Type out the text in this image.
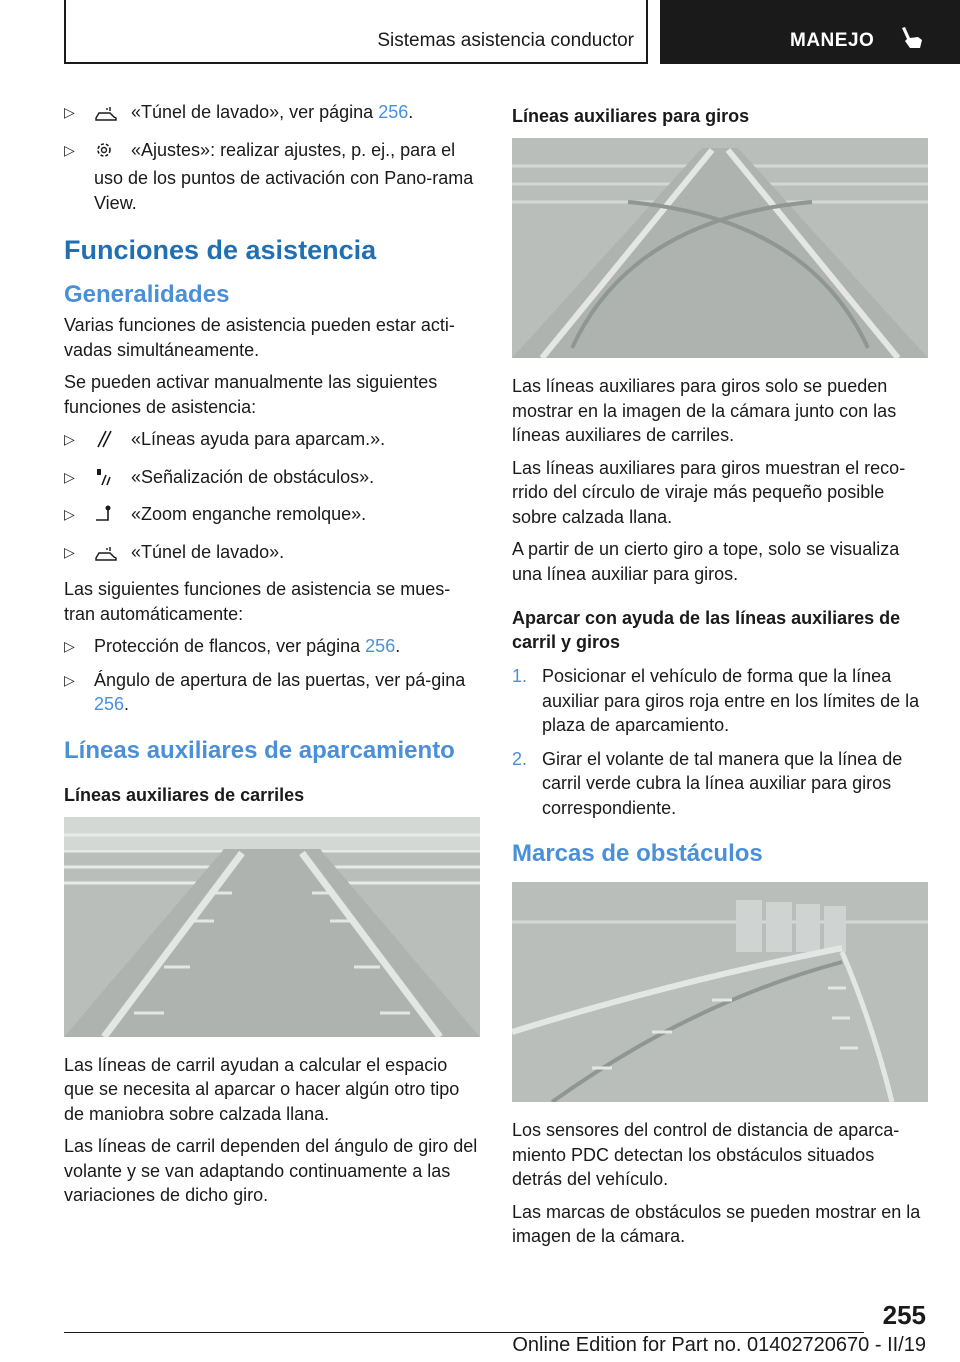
Sistemas asistencia conductor	MANEJO
▷	«Túnel de lavado», ver página 256.
▷	«Ajustes»: realizar ajustes, p. ej., para el uso de los puntos de activación con Pano-rama View.
Funciones de asistencia
Generalidades

Varias funciones de asistencia pueden estar acti-vadas simultáneamente.

Se pueden activar manualmente las siguientes funciones de asistencia:

▷	«Líneas ayuda para aparcam.».
▷	«Señalización de obstáculos».
▷	«Zoom enganche remolque».
▷	«Túnel de lavado».

Las siguientes funciones de asistencia se mues-tran automáticamente:

▷ Protección de flancos, ver página 256.
▷ Ángulo de apertura de las puertas, ver pá-gina 256.
Líneas auxiliares de aparcamiento
Líneas auxiliares de carriles

Las líneas de carril ayudan a calcular el espacio que se necesita al aparcar o hacer algún otro tipo de maniobra sobre calzada llana.

Las líneas de carril dependen del ángulo de giro del volante y se van adaptando continuamente a las variaciones de dicho giro.

Líneas auxiliares para giros

Las líneas auxiliares para giros solo se pueden mostrar en la imagen de la cámara junto con las líneas auxiliares de carriles.

Las líneas auxiliares para giros muestran el reco-rrido del círculo de viraje más pequeño posible sobre calzada llana.

A partir de un cierto giro a tope, solo se visualiza una línea auxiliar para giros.

Aparcar con ayuda de las líneas auxiliares de carril y giros
1. Posicionar el vehículo de forma que la línea auxiliar para giros roja entre en los límites de la plaza de aparcamiento.
2. Girar el volante de tal manera que la línea de carril verde cubra la línea auxiliar para giros correspondiente.
Marcas de obstáculos

Los sensores del control de distancia de aparca-miento PDC detectan los obstáculos situados detrás del vehículo.

Las marcas de obstáculos se pueden mostrar en la imagen de la cámara.

255
Online Edition for Part no. 01402720670 - II/19
